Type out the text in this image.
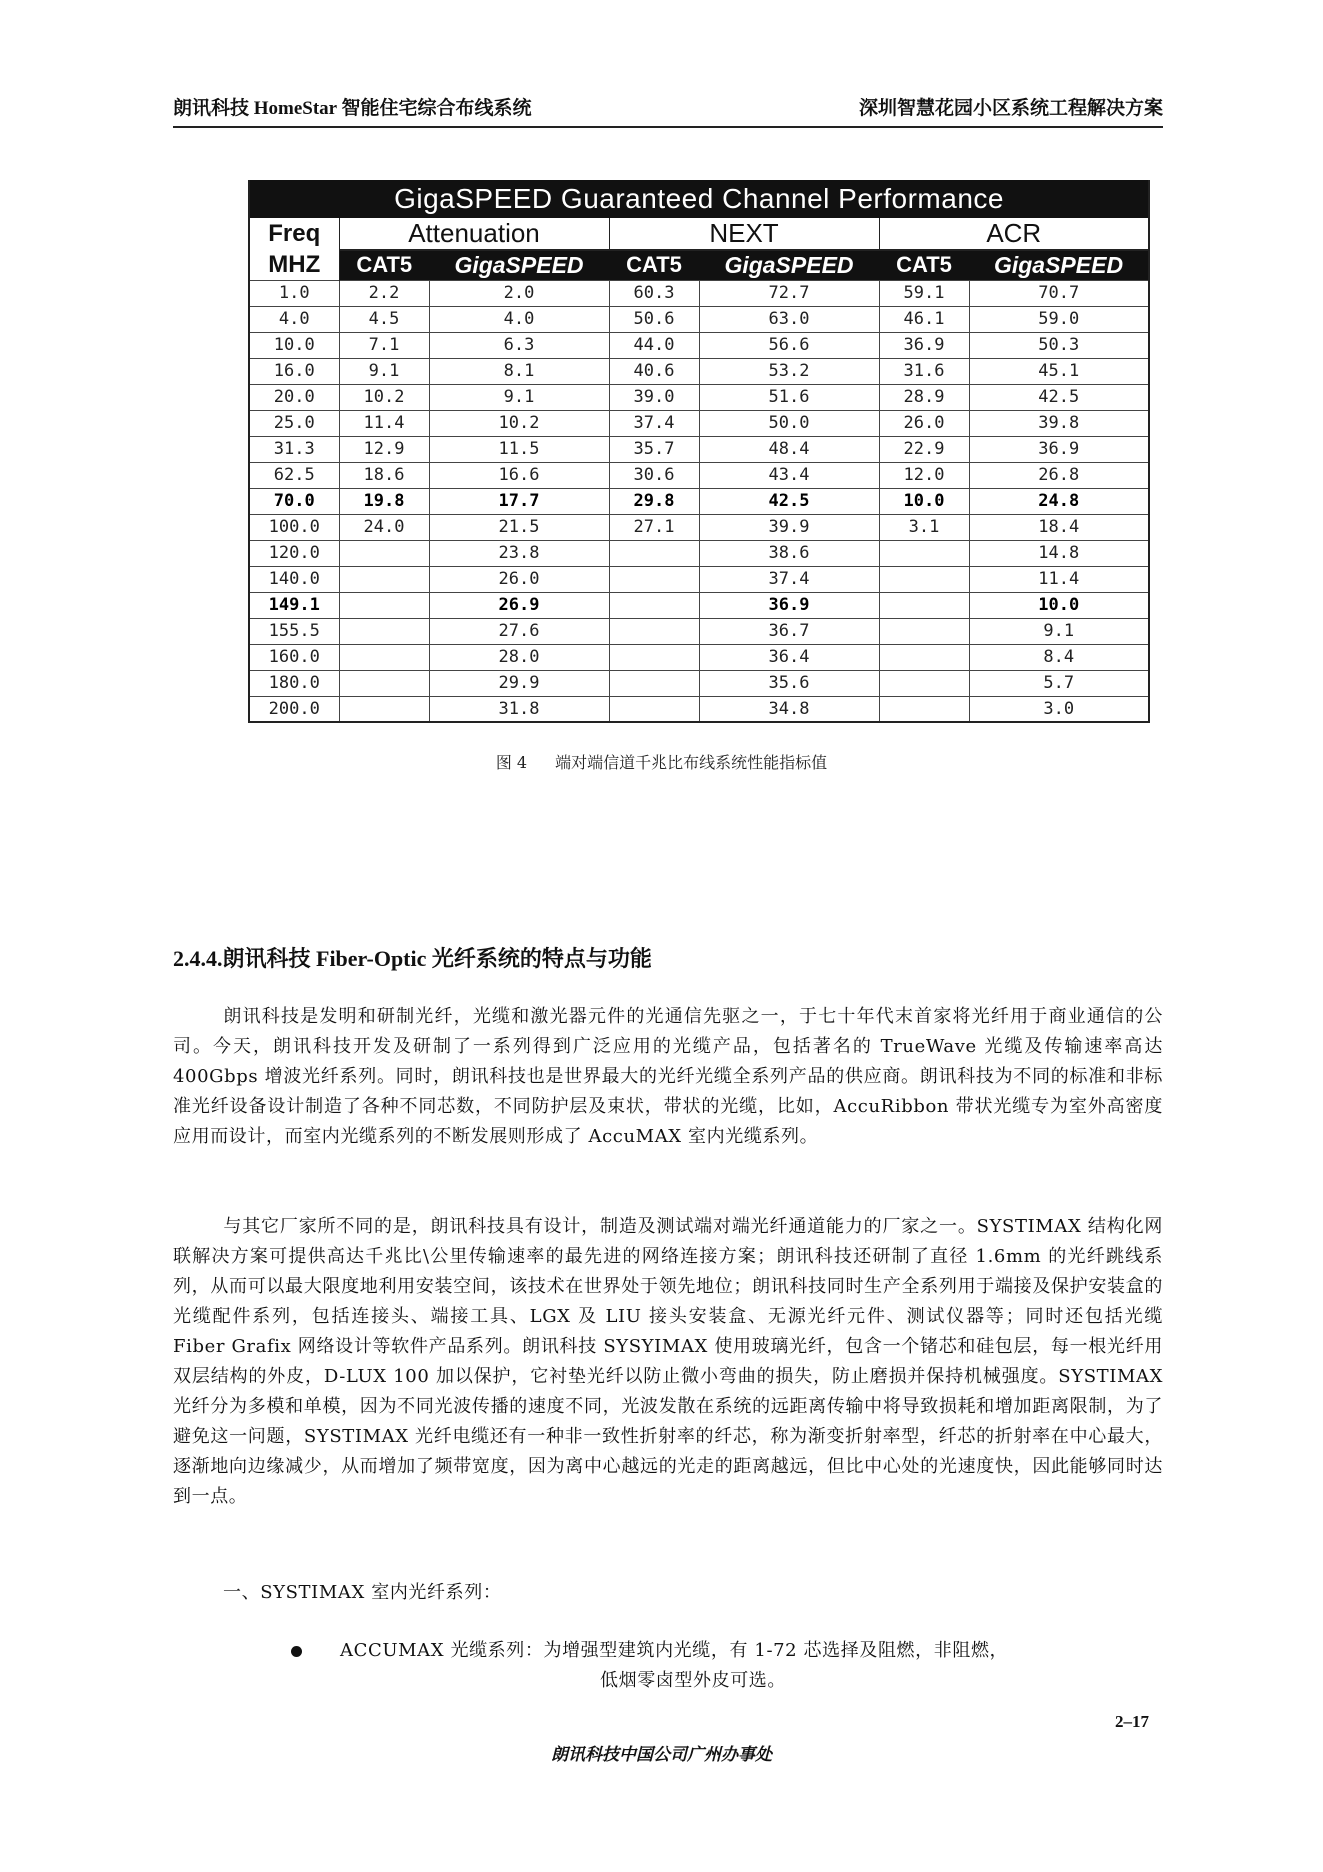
朗讯科技 HomeStar 智能住宅综合布线系统	深圳智慧花园小区系统工程解决方案
GigaSPEED Guaranteed Channel Performance						
Freq	Attenuation		NEXT		ACR	
MHZ	CAT5	GigaSPEED	CAT5	GigaSPEED	CAT5	GigaSPEED
1.0	2.2	2.0	60.3	72.7	59.1	70.7
4.0	4.5	4.0	50.6	63.0	46.1	59.0
10.0	7.1	6.3	44.0	56.6	36.9	50.3
16.0	9.1	8.1	40.6	53.2	31.6	45.1
20.0	10.2	9.1	39.0	51.6	28.9	42.5
25.0	11.4	10.2	37.4	50.0	26.0	39.8
31.3	12.9	11.5	35.7	48.4	22.9	36.9
62.5	18.6	16.6	30.6	43.4	12.0	26.8
70.0	19.8	17.7	29.8	42.5	10.0	24.8
100.0	24.0	21.5	27.1	39.9	3.1	18.4
120.0		23.8		38.6		14.8
140.0		26.0		37.4		11.4
149.1		26.9		36.9		10.0
155.5		27.6		36.7		9.1
160.0		28.0		36.4		8.4
180.0		29.9		35.6		5.7
200.0		31.8		34.8		3.0
图 4 端对端信道千兆比布线系统性能指标值
2.4.4.朗讯科技 Fiber-Optic 光纤系统的特点与功能

朗讯科技是发明和研制光纤，光缆和激光器元件的光通信先驱之一，于七十年代末首家将光纤用于商业通信的公司。今天，朗讯科技开发及研制了一系列得到广泛应用的光缆产品，包括著名的 TrueWave 光缆及传输速率高达 400Gbps 增波光纤系列。同时，朗讯科技也是世界最大的光纤光缆全系列产品的供应商。朗讯科技为不同的标准和非标准光纤设备设计制造了各种不同芯数，不同防护层及束状，带状的光缆，比如，AccuRibbon 带状光缆专为室外高密度应用而设计，而室内光缆系列的不断发展则形成了 AccuMAX 室内光缆系列。

与其它厂家所不同的是，朗讯科技具有设计，制造及测试端对端光纤通道能力的厂家之一。SYSTIMAX 结构化网联解决方案可提供高达千兆比\公里传输速率的最先进的网络连接方案；朗讯科技还研制了直径 1.6mm 的光纤跳线系列，从而可以最大限度地利用安装空间，该技术在世界处于领先地位；朗讯科技同时生产全系列用于端接及保护安装盒的光缆配件系列，包括连接头、端接工具、LGX 及 LIU 接头安装盒、无源光纤元件、测试仪器等；同时还包括光缆 Fiber Grafix 网络设计等软件产品系列。朗讯科技 SYSYIMAX 使用玻璃光纤，包含一个锗芯和硅包层，每一根光纤用双层结构的外皮，D-LUX 100 加以保护，它衬垫光纤以防止微小弯曲的损失，防止磨损并保持机械强度。SYSTIMAX 光纤分为多模和单模，因为不同光波传播的速度不同，光波发散在系统的远距离传输中将导致损耗和增加距离限制，为了避免这一问题，SYSTIMAX 光纤电缆还有一种非一致性折射率的纤芯，称为渐变折射率型，纤芯的折射率在中心最大，逐渐地向边缘减少，从而增加了频带宽度，因为离中心越远的光走的距离越远，但比中心处的光速度快，因此能够同时达到一点。

一、SYSTIMAX 室内光纤系列：
ACCUMAX 光缆系列：为增强型建筑内光缆，有 1-72 芯选择及阻燃，非阻燃，
低烟零卤型外皮可选。
2–17
朗讯科技中国公司广州办事处
